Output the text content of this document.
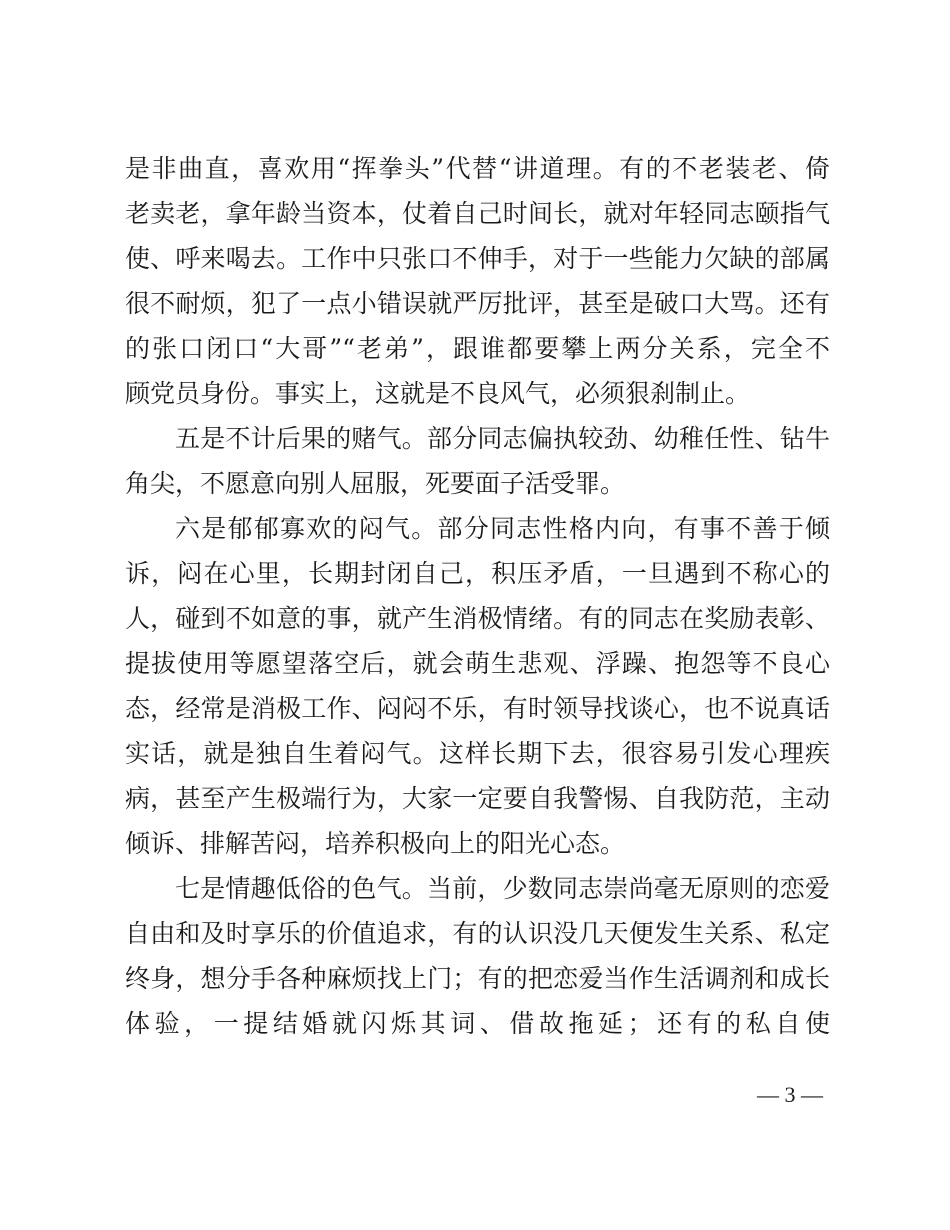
是非曲直，喜欢用“挥拳头”代替“讲道理。有的不老装老、倚
老卖老，拿年龄当资本，仗着自己时间长，就对年轻同志颐指气
使、呼来喝去。工作中只张口不伸手，对于一些能力欠缺的部属
很不耐烦，犯了一点小错误就严厉批评，甚至是破口大骂。还有
的张口闭口“大哥”“老弟”，跟谁都要攀上两分关系，完全不
顾党员身份。事实上，这就是不良风气，必须狠刹制止。
五是不计后果的赌气。部分同志偏执较劲、幼稚任性、钻牛
角尖，不愿意向别人屈服，死要面子活受罪。
六是郁郁寡欢的闷气。部分同志性格内向，有事不善于倾
诉，闷在心里，长期封闭自己，积压矛盾，一旦遇到不称心的
人，碰到不如意的事，就产生消极情绪。有的同志在奖励表彰、
提拔使用等愿望落空后，就会萌生悲观、浮躁、抱怨等不良心
态，经常是消极工作、闷闷不乐，有时领导找谈心，也不说真话
实话，就是独自生着闷气。这样长期下去，很容易引发心理疾
病，甚至产生极端行为，大家一定要自我警惕、自我防范，主动
倾诉、排解苦闷，培养积极向上的阳光心态。
七是情趣低俗的色气。当前，少数同志崇尚毫无原则的恋爱
自由和及时享乐的价值追求，有的认识没几天便发生关系、私定
终身，想分手各种麻烦找上门；有的把恋爱当作生活调剂和成长
体验，一提结婚就闪烁其词、借故拖延；还有的私自使
— 3 —
